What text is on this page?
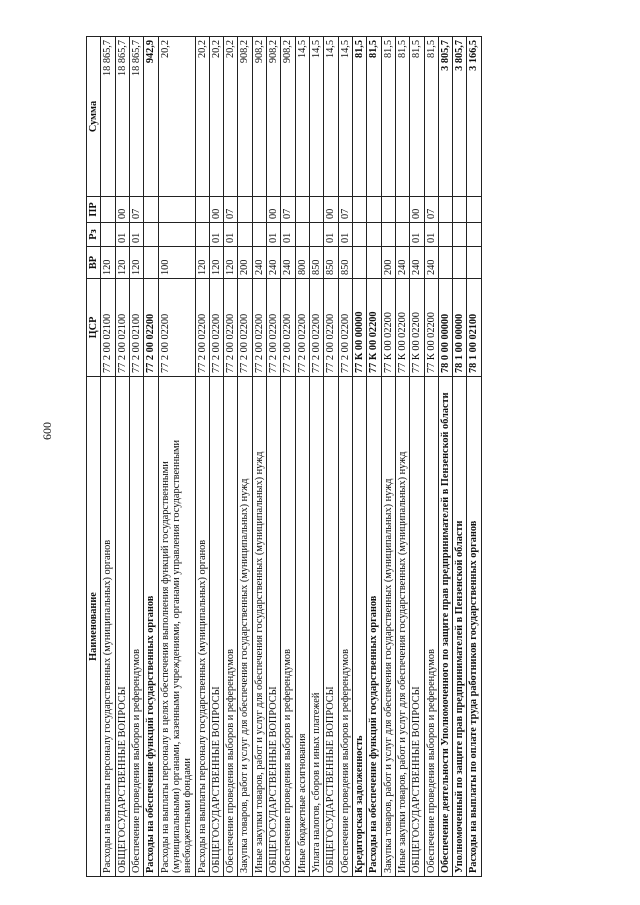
600
Наименование	ЦСР	ВР	Рз	ПР	Сумма
Расходы на выплаты персоналу государственных (муниципальных) органов	77 2 00 02100	120			18 865,7
ОБЩЕГОСУДАРСТВЕННЫЕ ВОПРОСЫ	77 2 00 02100	120	01	00	18 865,7
Обеспечение проведения выборов и референдумов	77 2 00 02100	120	01	07	18 865,7
Расходы на обеспечение функций государственных органов	77 2 00 02200				942,9
Расходы на выплаты персоналу в целях обеспечения выполнения функций государственными (муниципальными) органами, казенными учреждениями, органами управления государственными внебюджетными фондами	77 2 00 02200	100			20,2
Расходы на выплаты персоналу государственных (муниципальных) органов	77 2 00 02200	120			20,2
ОБЩЕГОСУДАРСТВЕННЫЕ ВОПРОСЫ	77 2 00 02200	120	01	00	20,2
Обеспечение проведения выборов и референдумов	77 2 00 02200	120	01	07	20,2
Закупка товаров, работ и услуг для обеспечения государственных (муниципальных) нужд	77 2 00 02200	200			908,2
Иные закупки товаров, работ и услуг для обеспечения государственных (муниципальных) нужд	77 2 00 02200	240			908,2
ОБЩЕГОСУДАРСТВЕННЫЕ ВОПРОСЫ	77 2 00 02200	240	01	00	908,2
Обеспечение проведения выборов и референдумов	77 2 00 02200	240	01	07	908,2
Иные бюджетные ассигнования	77 2 00 02200	800			14,5
Уплата налогов, сборов и иных платежей	77 2 00 02200	850			14,5
ОБЩЕГОСУДАРСТВЕННЫЕ ВОПРОСЫ	77 2 00 02200	850	01	00	14,5
Обеспечение проведения выборов и референдумов	77 2 00 02200	850	01	07	14,5
Кредиторская задолженность	77 К 00 00000				81,5
Расходы на обеспечение функций государственных органов	77 К 00 02200				81,5
Закупка товаров, работ и услуг для обеспечения государственных (муниципальных) нужд	77 К 00 02200	200			81,5
Иные закупки товаров, работ и услуг для обеспечения государственных (муниципальных) нужд	77 К 00 02200	240			81,5
ОБЩЕГОСУДАРСТВЕННЫЕ ВОПРОСЫ	77 К 00 02200	240	01	00	81,5
Обеспечение проведения выборов и референдумов	77 К 00 02200	240	01	07	81,5
Обеспечение деятельности Уполномоченного по защите прав предпринимателей в Пензенской области	78 0 00 00000				3 805,7
Уполномоченный по защите прав предпринимателей в Пензенской области	78 1 00 00000				3 805,7
Расходы на выплаты по оплате труда работников государственных органов	78 1 00 02100				3 166,5
